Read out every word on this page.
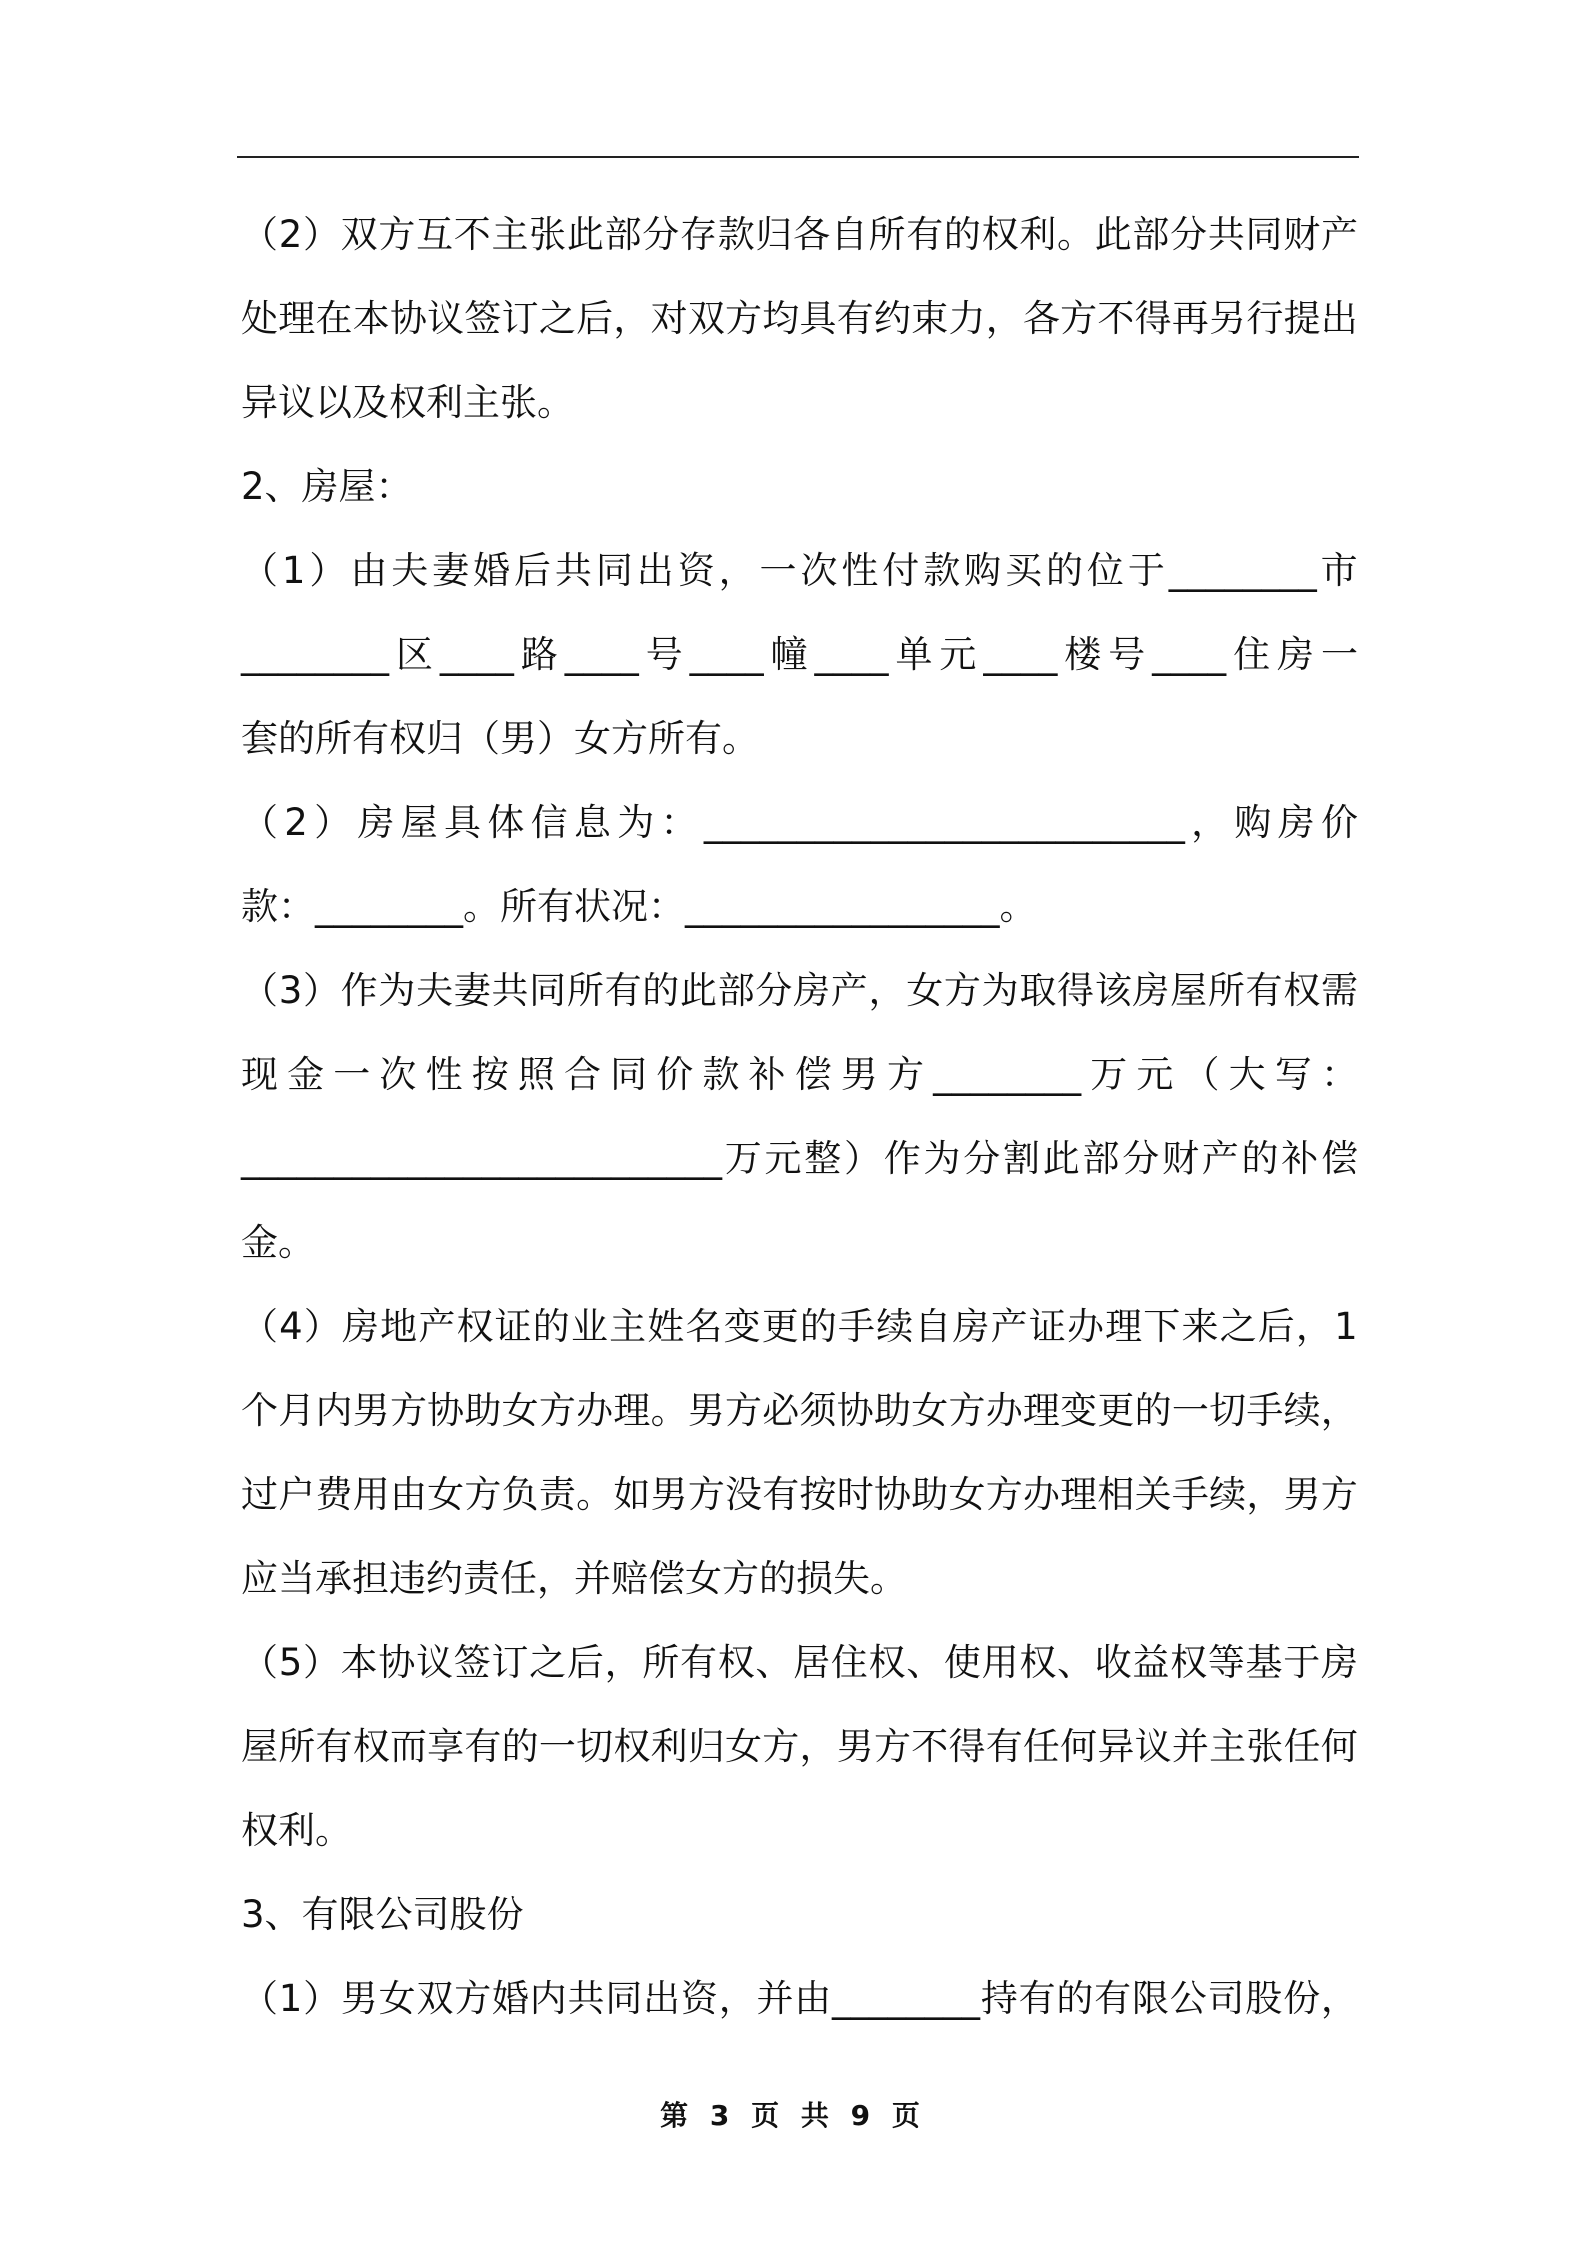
（ 2 ） 双 方 互 不 主 张 此 部 分 存 款 归 各 自 所 有 的 权 利 。 此 部 分 共 同 财 产
处 理 在 本 协 议 签 订 之 后 ， 对 双 方 均 具 有 约 束 力 ， 各 方 不 得 再 另 行 提 出
异 议 以 及 权 利 主 张 。
2 、 房 屋 ：
（ 1 ） 由 夫 妻 婚 后 共 同 出 资 ， 一 次 性 付 款 购 买 的 位 于 ________ 市
________ 区 ____ 路 ____ 号 ____ 幢 ____ 单 元 ____ 楼 号 ____ 住 房 一
套 的 所 有 权 归 （ 男 ） 女 方 所 有 。
（ 2 ） 房 屋 具 体 信 息 为 ： __________________________ ， 购 房 价
款 ： ________ 。 所 有 状 况 ： _________________ 。
（ 3 ） 作 为 夫 妻 共 同 所 有 的 此 部 分 房 产 ， 女 方 为 取 得 该 房 屋 所 有 权 需
现 金 一 次 性 按 照 合 同 价 款 补 偿 男 方 ________ 万 元 （ 大 写 ：
__________________________ 万 元 整 ） 作 为 分 割 此 部 分 财 产 的 补 偿
金 。
（ 4 ） 房 地 产 权 证 的 业 主 姓 名 变 更 的 手 续 自 房 产 证 办 理 下 来 之 后 ， 1
个 月 内 男 方 协 助 女 方 办 理 。 男 方 必 须 协 助 女 方 办 理 变 更 的 一 切 手 续 ，
过 户 费 用 由 女 方 负 责 。 如 男 方 没 有 按 时 协 助 女 方 办 理 相 关 手 续 ， 男 方
应 当 承 担 违 约 责 任 ， 并 赔 偿 女 方 的 损 失 。
（ 5 ） 本 协 议 签 订 之 后 ， 所 有 权 、 居 住 权 、 使 用 权 、 收 益 权 等 基 于 房
屋 所 有 权 而 享 有 的 一 切 权 利 归 女 方 ， 男 方 不 得 有 任 何 异 议 并 主 张 任 何
权 利 。
3 、 有 限 公 司 股 份
（ 1 ） 男 女 双 方 婚 内 共 同 出 资 ， 并 由 ________ 持 有 的 有 限 公 司 股 份 ，
第 3 页 共 9 页
